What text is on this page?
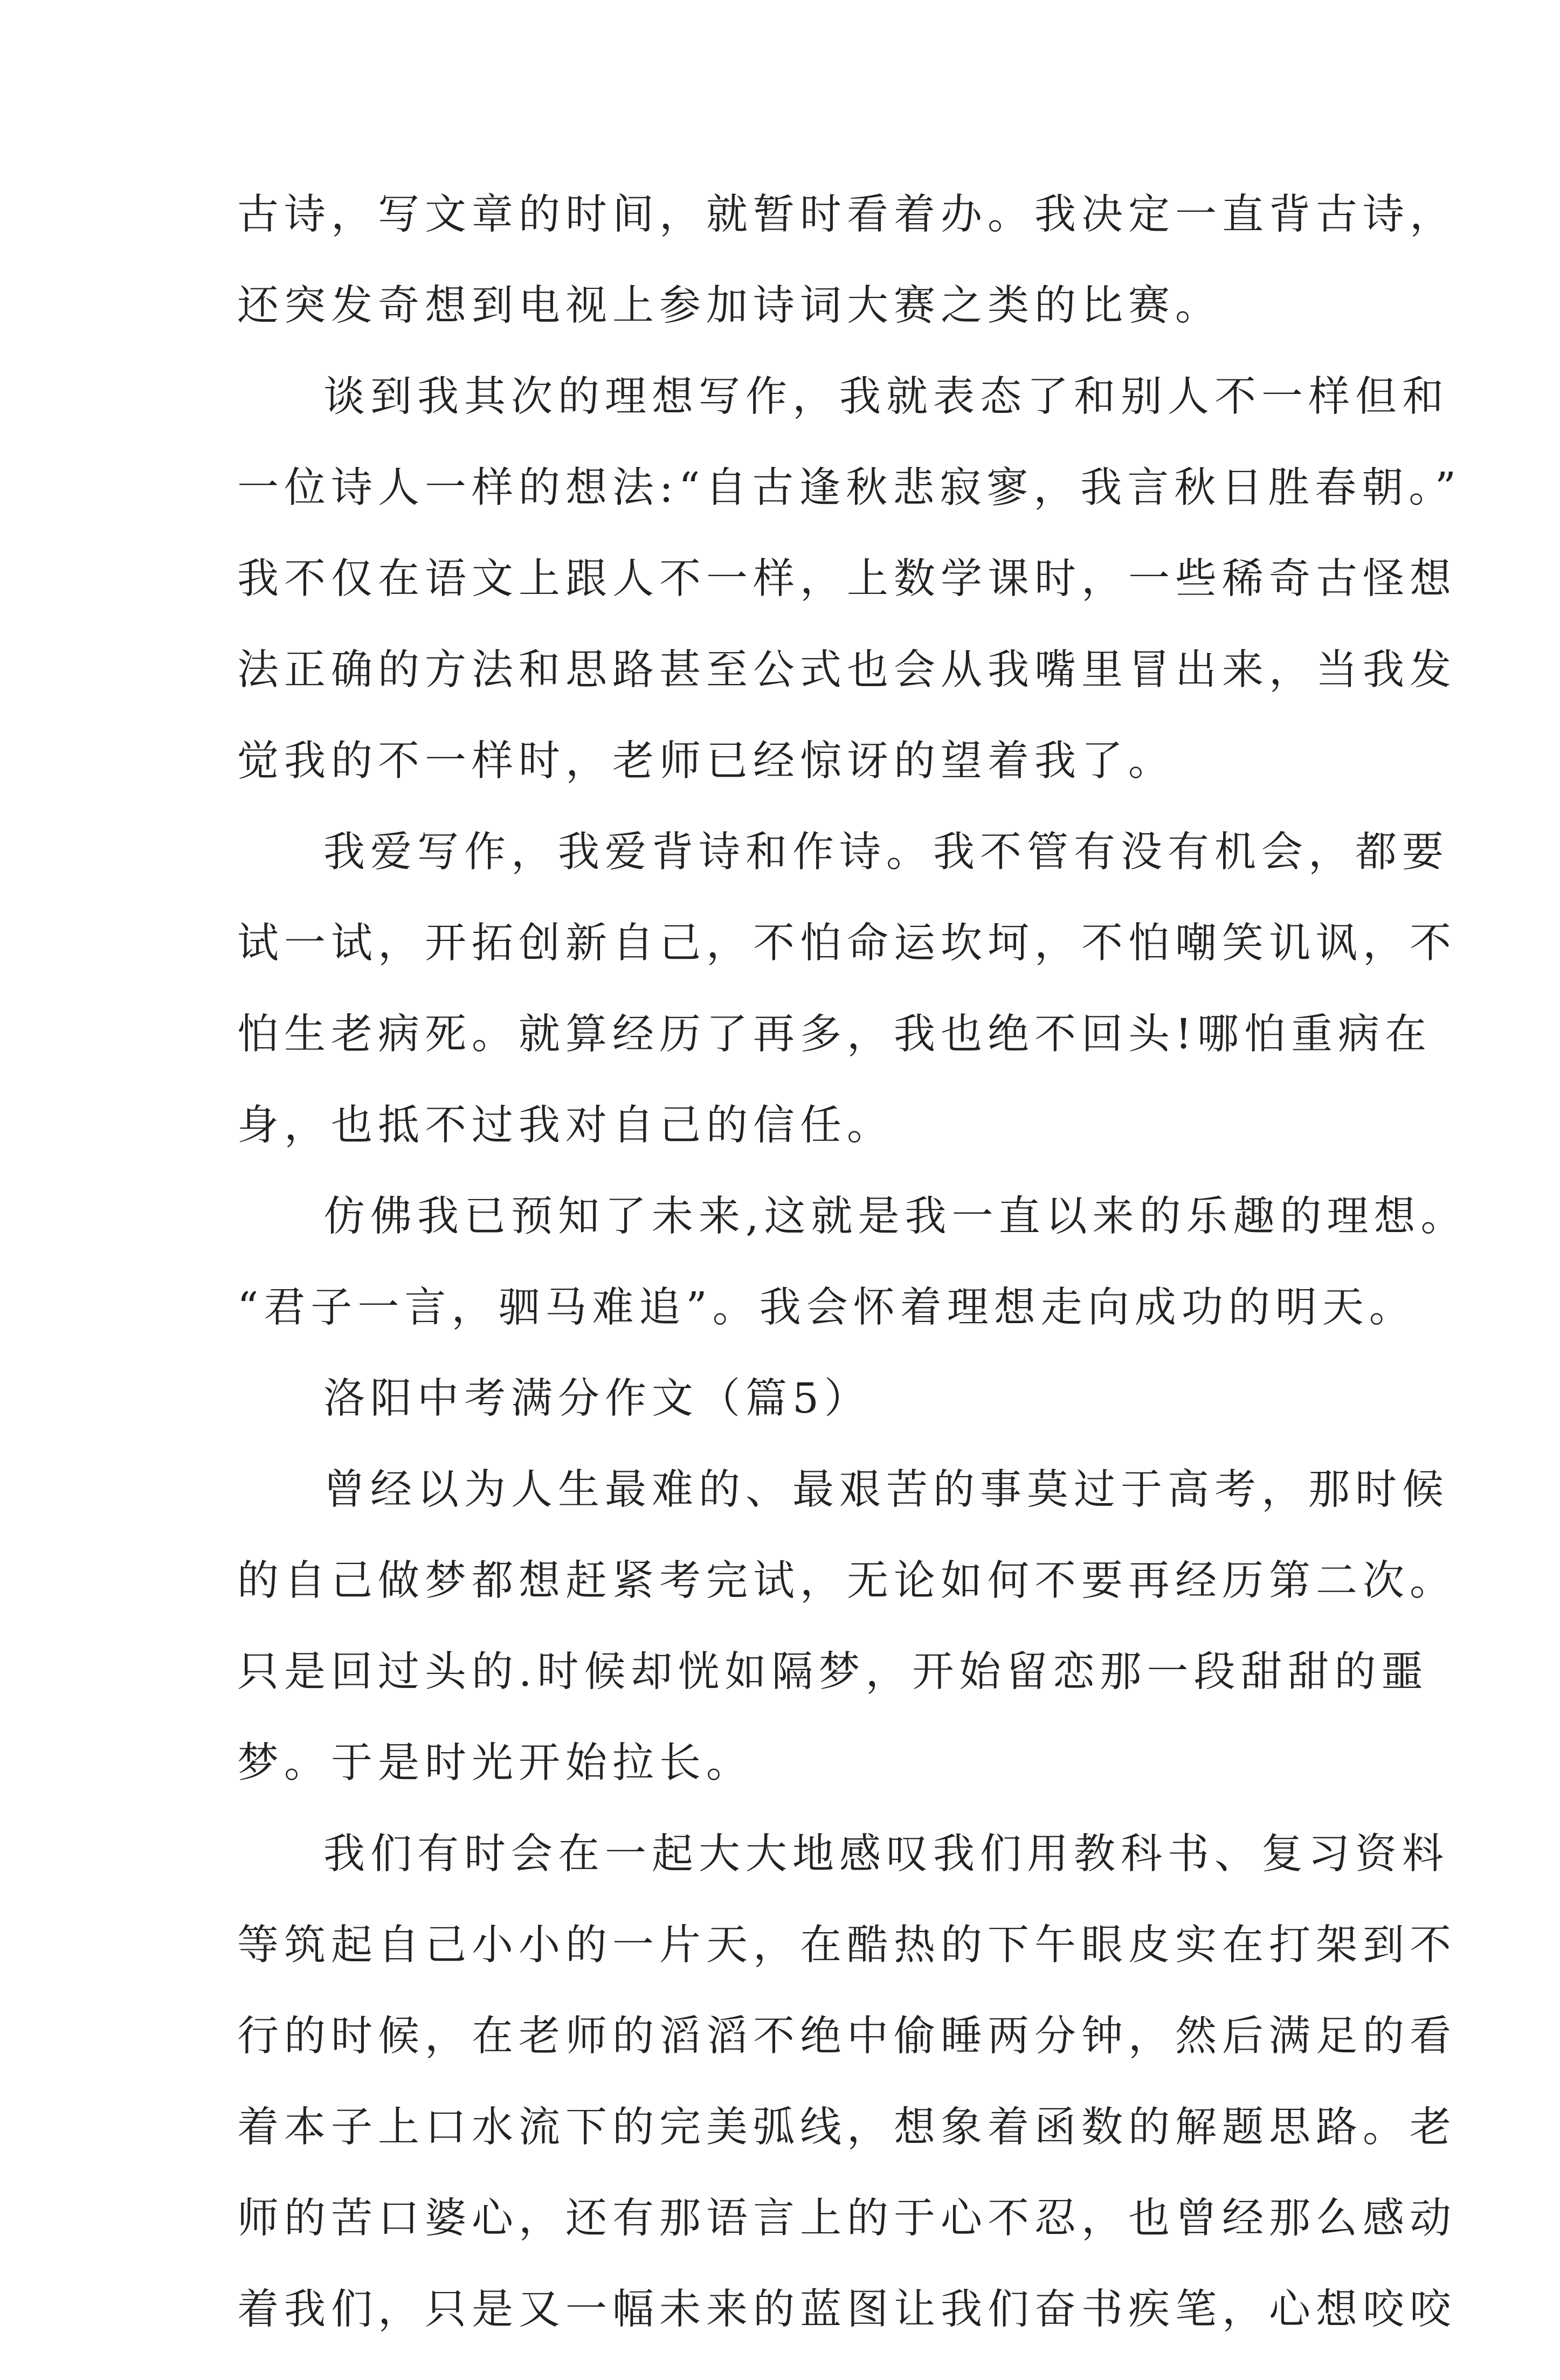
古诗，写文章的时间，就暂时看着办。我决定一直背古诗，
还突发奇想到电视上参加诗词大赛之类的比赛。
谈到我其次的理想写作，我就表态了和别人不一样但和
一位诗人一样的想法:“自古逢秋悲寂寥，我言秋日胜春朝。”
我不仅在语文上跟人不一样，上数学课时，一些稀奇古怪想
法正确的方法和思路甚至公式也会从我嘴里冒出来，当我发
觉我的不一样时，老师已经惊讶的望着我了。
我爱写作，我爱背诗和作诗。我不管有没有机会，都要
试一试，开拓创新自己，不怕命运坎坷，不怕嘲笑讥讽，不
怕生老病死。就算经历了再多，我也绝不回头!哪怕重病在
身，也抵不过我对自己的信任。
仿佛我已预知了未来,这就是我一直以来的乐趣的理想。
“君子一言，驷马难追”。我会怀着理想走向成功的明天。
洛阳中考满分作文（篇5）
曾经以为人生最难的、最艰苦的事莫过于高考，那时候
的自己做梦都想赶紧考完试，无论如何不要再经历第二次。
只是回过头的.时候却恍如隔梦，开始留恋那一段甜甜的噩
梦。于是时光开始拉长。
我们有时会在一起大大地感叹我们用教科书、复习资料
等筑起自己小小的一片天，在酷热的下午眼皮实在打架到不
行的时候，在老师的滔滔不绝中偷睡两分钟，然后满足的看
着本子上口水流下的完美弧线，想象着函数的解题思路。老
师的苦口婆心，还有那语言上的于心不忍，也曾经那么感动
着我们，只是又一幅未来的蓝图让我们奋书疾笔，心想咬咬
